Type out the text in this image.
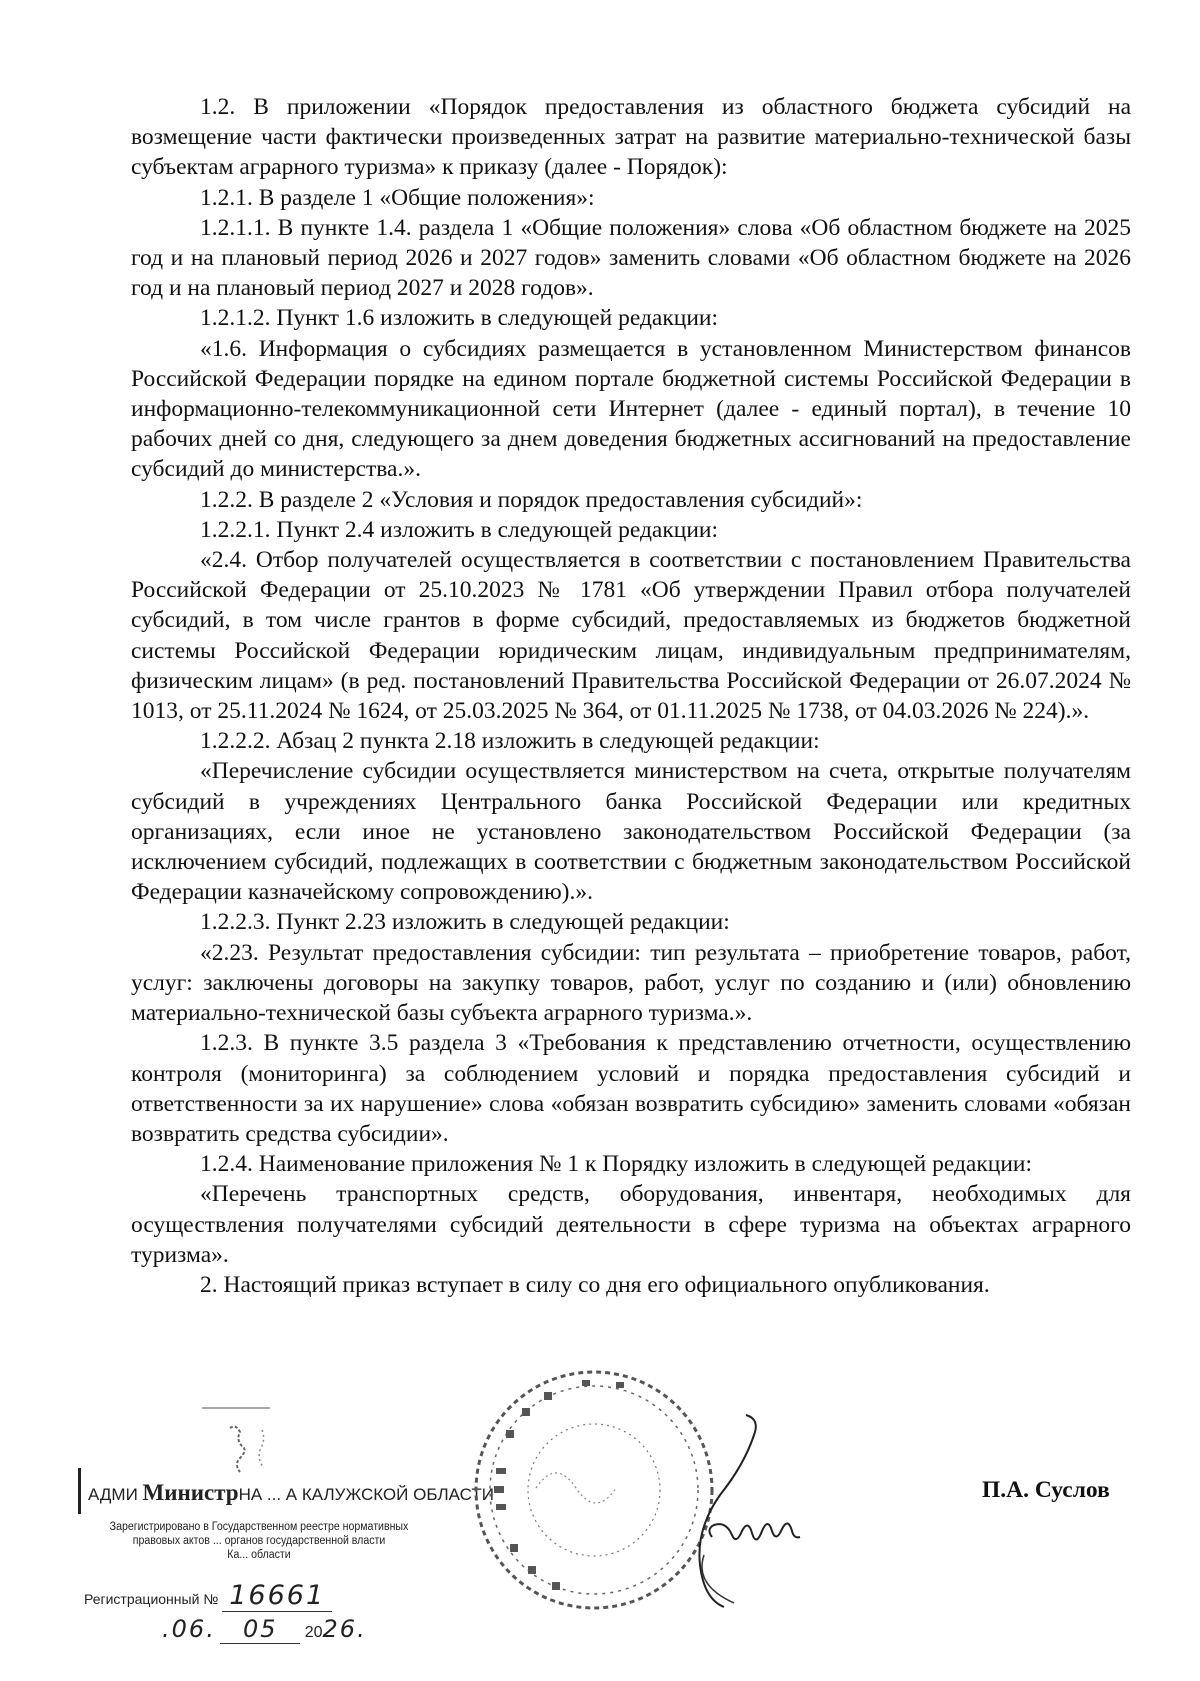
1.2. В приложении «Порядок предоставления из областного бюджета субсидий на возмещение части фактически произведенных затрат на развитие материально-технической базы субъектам аграрного туризма» к приказу (далее - Порядок):

1.2.1. В разделе 1 «Общие положения»:

1.2.1.1. В пункте 1.4. раздела 1 «Общие положения» слова «Об областном бюджете на 2025 год и на плановый период 2026 и 2027 годов» заменить словами «Об областном бюджете на 2026 год и на плановый период 2027 и 2028 годов».

1.2.1.2. Пункт 1.6 изложить в следующей редакции:

«1.6. Информация о субсидиях размещается в установленном Министерством финансов Российской Федерации порядке на едином портале бюджетной системы Российской Федерации в информационно-телекоммуникационной сети Интернет (далее - единый портал), в течение 10 рабочих дней со дня, следующего за днем доведения бюджетных ассигнований на предоставление субсидий до министерства.».

1.2.2. В разделе 2 «Условия и порядок предоставления субсидий»:

1.2.2.1. Пункт 2.4 изложить в следующей редакции:

«2.4. Отбор получателей осуществляется в соответствии с постановлением Правительства Российской Федерации от 25.10.2023 № 1781 «Об утверждении Правил отбора получателей субсидий, в том числе грантов в форме субсидий, предоставляемых из бюджетов бюджетной системы Российской Федерации юридическим лицам, индивидуальным предпринимателям, физическим лицам» (в ред. постановлений Правительства Российской Федерации от 26.07.2024 № 1013, от 25.11.2024 № 1624, от 25.03.2025 № 364, от 01.11.2025 № 1738, от 04.03.2026 № 224).».

1.2.2.2. Абзац 2 пункта 2.18 изложить в следующей редакции:

«Перечисление субсидии осуществляется министерством на счета, открытые получателям субсидий в учреждениях Центрального банка Российской Федерации или кредитных организациях, если иное не установлено законодательством Российской Федерации (за исключением субсидий, подлежащих в соответствии с бюджетным законодательством Российской Федерации казначейскому сопровождению).».

1.2.2.3. Пункт 2.23 изложить в следующей редакции:

«2.23. Результат предоставления субсидии: тип результата – приобретение товаров, работ, услуг: заключены договоры на закупку товаров, работ, услуг по созданию и (или) обновлению материально-технической базы субъекта аграрного туризма.».

1.2.3. В пункте 3.5 раздела 3 «Требования к представлению отчетности, осуществлению контроля (мониторинга) за соблюдением условий и порядка предоставления субсидий и ответственности за их нарушение» слова «обязан возвратить субсидию» заменить словами «обязан возвратить средства субсидии».

1.2.4. Наименование приложения № 1 к Порядку изложить в следующей редакции:

«Перечень транспортных средств, оборудования, инвентаря, необходимых для осуществления получателями субсидий деятельности в сфере туризма на объектах аграрного туризма».

2. Настоящий приказ вступает в силу со дня его официального опубликования.

АДМИ МинистрНА ... А КАЛУЖСКОЙ ОБЛАСТИ
Зарегистрировано в Государственном реестре нормативных
правовых актов ... органов государственной власти
Ка... области
Регистрационный № 16661
.06. 05 2026.
П.А. Суслов
